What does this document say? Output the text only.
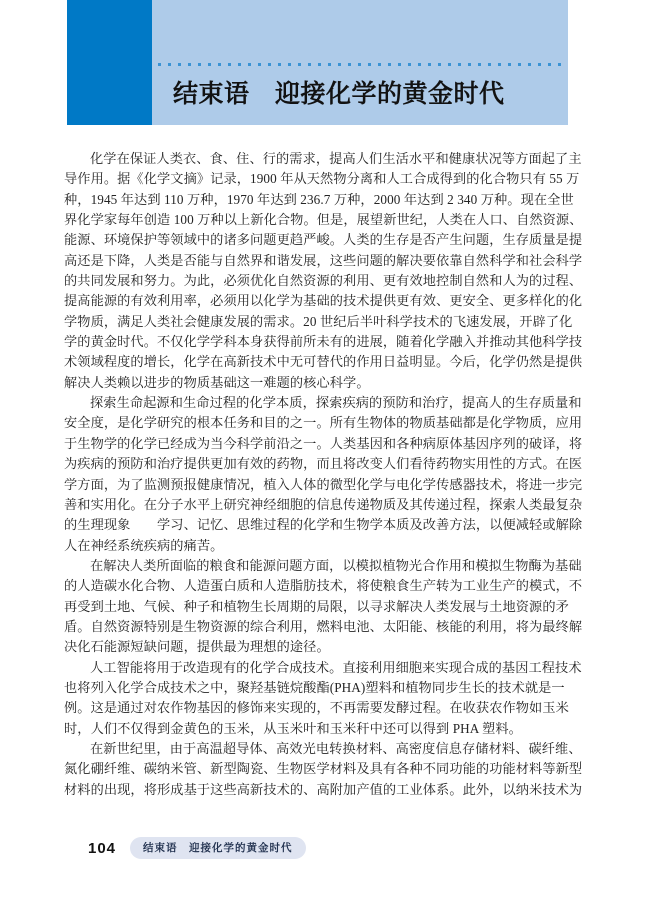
结束语　迎接化学的黄金时代
化学在保证人类衣、食、住、行的需求，提高人们生活水平和健康状况等方面起了主
导作用。据《化学文摘》记录，1900 年从天然物分离和人工合成得到的化合物只有 55 万
种，1945 年达到 110 万种，1970 年达到 236.7 万种，2000 年达到 2 340 万种。现在全世
界化学家每年创造 100 万种以上新化合物。但是，展望新世纪，人类在人口、自然资源、
能源、环境保护等领域中的诸多问题更趋严峻。人类的生存是否产生问题，生存质量是提
高还是下降，人类是否能与自然界和谐发展，这些问题的解决要依靠自然科学和社会科学
的共同发展和努力。为此，必须优化自然资源的利用、更有效地控制自然和人为的过程、
提高能源的有效利用率，必须用以化学为基础的技术提供更有效、更安全、更多样化的化
学物质，满足人类社会健康发展的需求。20 世纪后半叶科学技术的飞速发展，开辟了化
学的黄金时代。不仅化学学科本身获得前所未有的进展，随着化学融入并推动其他科学技
术领域程度的增长，化学在高新技术中无可替代的作用日益明显。今后，化学仍然是提供
解决人类赖以进步的物质基础这一难题的核心科学。
探索生命起源和生命过程的化学本质，探索疾病的预防和治疗，提高人的生存质量和
安全度，是化学研究的根本任务和目的之一。所有生物体的物质基础都是化学物质，应用
于生物学的化学已经成为当今科学前沿之一。人类基因和各种病原体基因序列的破译，将
为疾病的预防和治疗提供更加有效的药物，而且将改变人们看待药物实用性的方式。在医
学方面，为了监测预报健康情况，植入人体的微型化学与电化学传感器技术，将进一步完
善和实用化。在分子水平上研究神经细胞的信息传递物质及其传递过程，探索人类最复杂
的生理现象　　学习、记忆、思维过程的化学和生物学本质及改善方法，以便减轻或解除
人在神经系统疾病的痛苦。
在解决人类所面临的粮食和能源问题方面，以模拟植物光合作用和模拟生物酶为基础
的人造碳水化合物、人造蛋白质和人造脂肪技术，将使粮食生产转为工业生产的模式，不
再受到土地、气候、种子和植物生长周期的局限，以寻求解决人类发展与土地资源的矛
盾。自然资源特别是生物资源的综合利用，燃料电池、太阳能、核能的利用，将为最终解
决化石能源短缺问题，提供最为理想的途径。
人工智能将用于改造现有的化学合成技术。直接利用细胞来实现合成的基因工程技术
也将列入化学合成技术之中，聚羟基链烷酸酯(PHA)塑料和植物同步生长的技术就是一
例。这是通过对农作物基因的修饰来实现的，不再需要发酵过程。在收获农作物如玉米
时，人们不仅得到金黄色的玉米，从玉米叶和玉米秆中还可以得到 PHA 塑料。
在新世纪里，由于高温超导体、高效光电转换材料、高密度信息存储材料、碳纤维、
氮化硼纤维、碳纳米管、新型陶瓷、生物医学材料及具有各种不同功能的功能材料等新型
材料的出现，将形成基于这些高新技术的、高附加产值的工业体系。此外，以纳米技术为
104	结束语　迎接化学的黄金时代
